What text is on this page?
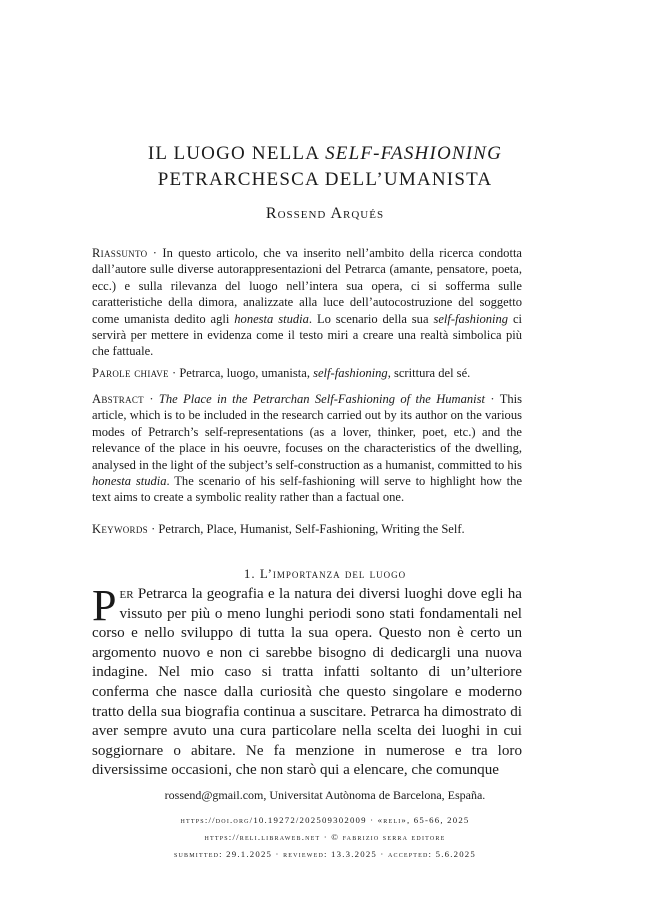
IL LUOGO NELLA SELF-FASHIONING
PETRARCHESCA DELL’UMANISTA
Rossend Arqués
Riassunto · In questo articolo, che va inserito nell’ambito della ricerca condotta dall’autore sulle diverse autorappresentazioni del Petrarca (amante, pensatore, poeta, ecc.) e sulla rilevanza del luogo nell’intera sua opera, ci si sofferma sulle caratteristiche della dimora, analizzate alla luce dell’autocostruzione del soggetto come umanista dedito agli honesta studia. Lo scenario della sua self-fashioning ci servirà per mettere in evidenza come il testo miri a creare una realtà simbolica più che fattuale.
Parole chiave · Petrarca, luogo, umanista, self-fashioning, scrittura del sé.
Abstract · The Place in the Petrarchan Self-Fashioning of the Humanist · This article, which is to be included in the research carried out by its author on the various modes of Petrarch’s self-representations (as a lover, thinker, poet, etc.) and the relevance of the place in his oeuvre, focuses on the characteristics of the dwelling, analysed in the light of the subject’s self-construction as a humanist, committed to his honesta studia. The scenario of his self-fashioning will serve to highlight how the text aims to create a symbolic reality rather than a factual one.
Keywords · Petrarch, Place, Humanist, Self-Fashioning, Writing the Self.
1. L’importanza del luogo
Per Petrarca la geografia e la natura dei diversi luoghi dove egli ha vissuto per più o meno lunghi periodi sono stati fondamentali nel corso e nello sviluppo di tutta la sua opera. Questo non è certo un argomento nuovo e non ci sarebbe bisogno di dedicargli una nuova indagine. Nel mio caso si tratta infatti soltanto di un’ulteriore conferma che nasce dalla curiosità che questo singolare e moderno tratto della sua biografia continua a suscitare. Petrarca ha dimostrato di aver sempre avuto una cura particolare nella scelta dei luoghi in cui soggiornare o abitare. Ne fa menzione in numerose e tra loro diversissime occasioni, che non starò qui a elencare, che comunque
rossend@gmail.com, Universitat Autònoma de Barcelona, España.
https://doi.org/10.19272/202509302009 · «reli», 65-66, 2025
https://reli.libraweb.net · © fabrizio serra editore
submitted: 29.1.2025 · reviewed: 13.3.2025 · accepted: 5.6.2025
